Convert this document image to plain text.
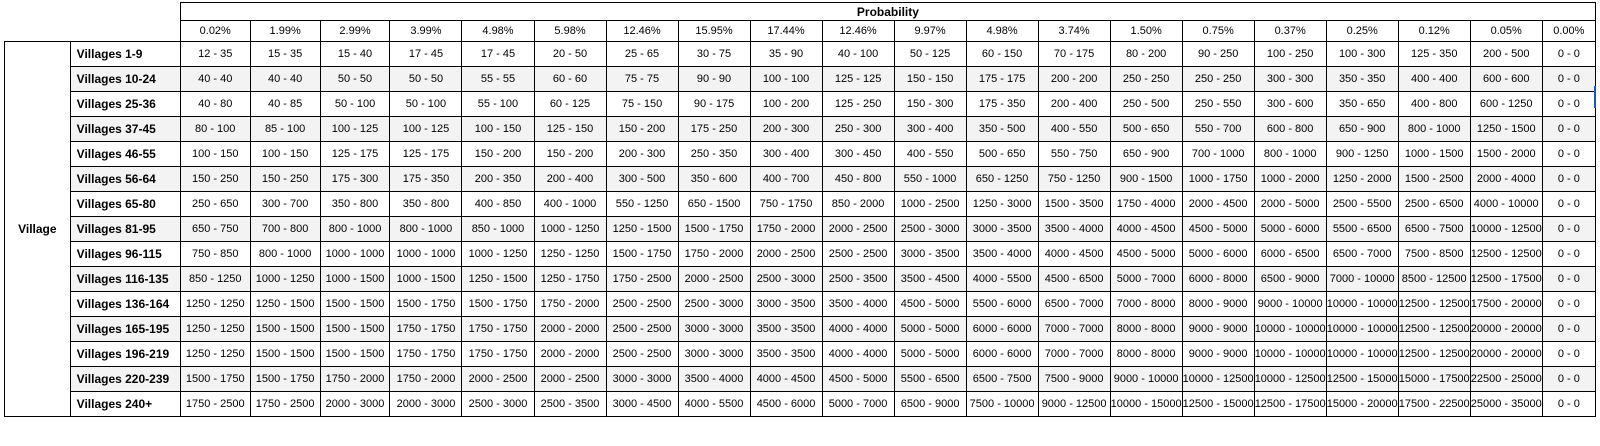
		Probability																			
		0.02%	1.99%	2.99%	3.99%	4.98%	5.98%	12.46%	15.95%	17.44%	12.46%	9.97%	4.98%	3.74%	1.50%	0.75%	0.37%	0.25%	0.12%	0.05%	0.00%
Village	Villages 1-9	12 - 35	15 - 35	15 - 40	17 - 45	17 - 45	20 - 50	25 - 65	30 - 75	35 - 90	40 - 100	50 - 125	60 - 150	70 - 175	80 - 200	90 - 250	100 - 250	100 - 300	125 - 350	200 - 500	0 - 0
	Villages 10-24	40 - 40	40 - 40	50 - 50	50 - 50	55 - 55	60 - 60	75 - 75	90 - 90	100 - 100	125 - 125	150 - 150	175 - 175	200 - 200	250 - 250	250 - 250	300 - 300	350 - 350	400 - 400	600 - 600	0 - 0
	Villages 25-36	40 - 80	40 - 85	50 - 100	50 - 100	55 - 100	60 - 125	75 - 150	90 - 175	100 - 200	125 - 250	150 - 300	175 - 350	200 - 400	250 - 500	250 - 550	300 - 600	350 - 650	400 - 800	600 - 1250	0 - 0
	Villages 37-45	80 - 100	85 - 100	100 - 125	100 - 125	100 - 150	125 - 150	150 - 200	175 - 250	200 - 300	250 - 300	300 - 400	350 - 500	400 - 550	500 - 650	550 - 700	600 - 800	650 - 900	800 - 1000	1250 - 1500	0 - 0
	Villages 46-55	100 - 150	100 - 150	125 - 175	125 - 175	150 - 200	150 - 200	200 - 300	250 - 350	300 - 400	300 - 450	400 - 550	500 - 650	550 - 750	650 - 900	700 - 1000	800 - 1000	900 - 1250	1000 - 1500	1500 - 2000	0 - 0
	Villages 56-64	150 - 250	150 - 250	175 - 300	175 - 350	200 - 350	200 - 400	300 - 500	350 - 600	400 - 700	450 - 800	550 - 1000	650 - 1250	750 - 1250	900 - 1500	1000 - 1750	1000 - 2000	1250 - 2000	1500 - 2500	2000 - 4000	0 - 0
	Villages 65-80	250 - 650	300 - 700	350 - 800	350 - 800	400 - 850	400 - 1000	550 - 1250	650 - 1500	750 - 1750	850 - 2000	1000 - 2500	1250 - 3000	1500 - 3500	1750 - 4000	2000 - 4500	2000 - 5000	2500 - 5500	2500 - 6500	4000 - 10000	0 - 0
	Villages 81-95	650 - 750	700 - 800	800 - 1000	800 - 1000	850 - 1000	1000 - 1250	1250 - 1500	1500 - 1750	1750 - 2000	2000 - 2500	2500 - 3000	3000 - 3500	3500 - 4000	4000 - 4500	4500 - 5000	5000 - 6000	5500 - 6500	6500 - 7500	10000 - 12500	0 - 0
	Villages 96-115	750 - 850	800 - 1000	1000 - 1000	1000 - 1000	1000 - 1250	1250 - 1250	1500 - 1750	1750 - 2000	2000 - 2500	2500 - 2500	3000 - 3500	3500 - 4000	4000 - 4500	4500 - 5000	5000 - 6000	6000 - 6500	6500 - 7000	7500 - 8500	12500 - 12500	0 - 0
	Villages 116-135	850 - 1250	1000 - 1250	1000 - 1500	1000 - 1500	1250 - 1500	1250 - 1750	1750 - 2500	2000 - 2500	2500 - 3000	2500 - 3500	3500 - 4500	4000 - 5500	4500 - 6500	5000 - 7000	6000 - 8000	6500 - 9000	7000 - 10000	8500 - 12500	12500 - 17500	0 - 0
	Villages 136-164	1250 - 1250	1250 - 1500	1500 - 1500	1500 - 1750	1500 - 1750	1750 - 2000	2500 - 2500	2500 - 3000	3000 - 3500	3500 - 4000	4500 - 5000	5500 - 6000	6500 - 7000	7000 - 8000	8000 - 9000	9000 - 10000	10000 - 10000	12500 - 12500	17500 - 20000	0 - 0
	Villages 165-195	1250 - 1250	1500 - 1500	1500 - 1500	1750 - 1750	1750 - 1750	2000 - 2000	2500 - 2500	3000 - 3000	3500 - 3500	4000 - 4000	5000 - 5000	6000 - 6000	7000 - 7000	8000 - 8000	9000 - 9000	10000 - 10000	10000 - 10000	12500 - 12500	20000 - 20000	0 - 0
	Villages 196-219	1250 - 1250	1500 - 1500	1500 - 1500	1750 - 1750	1750 - 1750	2000 - 2000	2500 - 2500	3000 - 3000	3500 - 3500	4000 - 4000	5000 - 5000	6000 - 6000	7000 - 7000	8000 - 8000	9000 - 9000	10000 - 10000	10000 - 10000	12500 - 12500	20000 - 20000	0 - 0
	Villages 220-239	1500 - 1750	1500 - 1750	1750 - 2000	1750 - 2000	2000 - 2500	2000 - 2500	3000 - 3000	3500 - 4000	4000 - 4500	4500 - 5000	5500 - 6500	6500 - 7500	7500 - 9000	9000 - 10000	10000 - 12500	10000 - 12500	12500 - 15000	15000 - 17500	22500 - 25000	0 - 0
	Villages 240+	1750 - 2500	1750 - 2500	2000 - 3000	2000 - 3000	2500 - 3000	2500 - 3500	3000 - 4500	4000 - 5500	4500 - 6000	5000 - 7000	6500 - 9000	7500 - 10000	9000 - 12500	10000 - 15000	12500 - 15000	12500 - 17500	15000 - 20000	17500 - 22500	25000 - 35000	0 - 0
